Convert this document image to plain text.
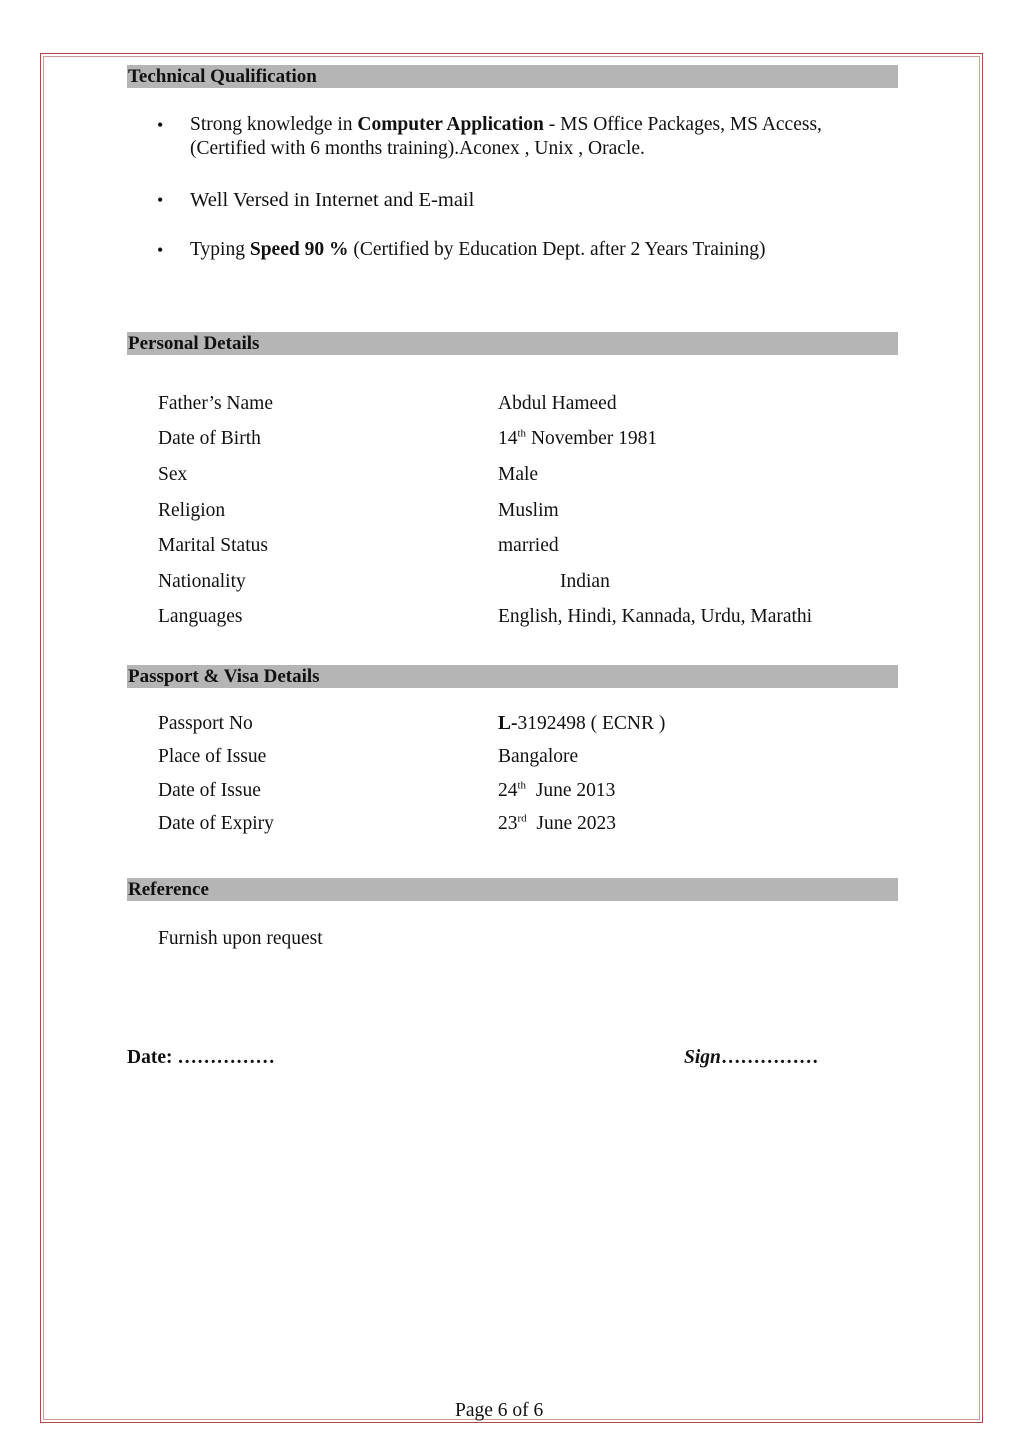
Technical Qualification
• Strong knowledge in Computer Application - MS Office Packages, MS Access,
(Certified with 6 months training).Aconex , Unix , Oracle.
• Well Versed in Internet and E-mail
• Typing Speed 90 % (Certified by Education Dept. after 2 Years Training)
Personal Details
Father’s Name	Abdul Hameed
Date of Birth	14th November 1981
Sex	Male
Religion	Muslim
Marital Status	married
Nationality	Indian
Languages	English, Hindi, Kannada, Urdu, Marathi
Passport & Visa Details
Passport No	L-3192498 ( ECNR )
Place of Issue	Bangalore
Date of Issue	24th  June 2013
Date of Expiry	23rd  June 2023
Reference
Furnish upon request
Date: ……………	Sign……………
Page 6 of 6
